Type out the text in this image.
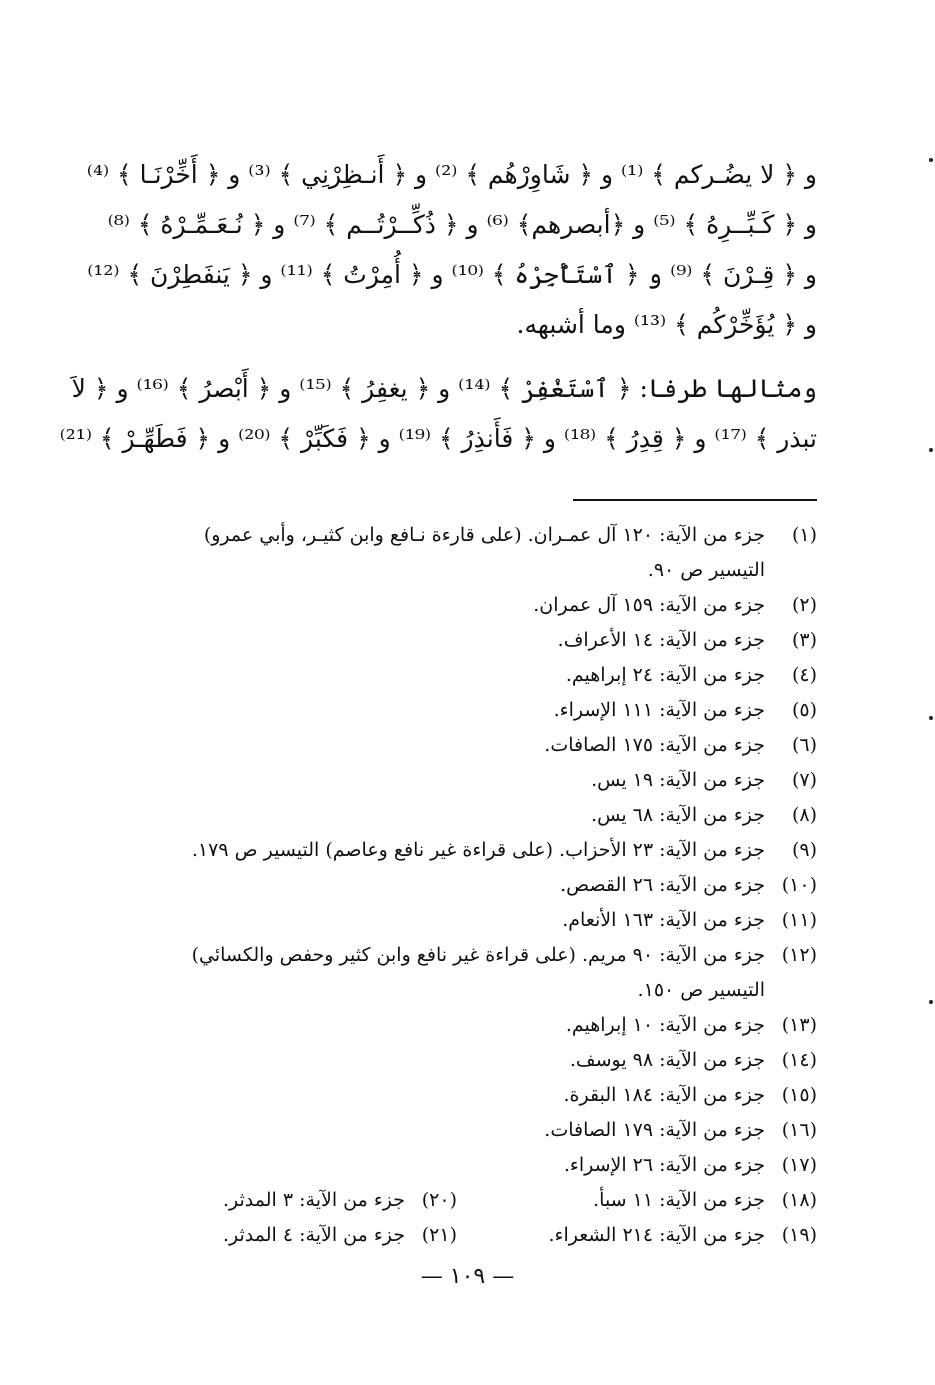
و ﴿ لا يضُـركم ﴾ ⁽¹⁾ و ﴿ شَاوِرْهُم ﴾ ⁽²⁾ و ﴿ أَنـظِرْنِي ﴾ ⁽³⁾ و ﴿ أَخِّرْنَـا ﴾ ⁽⁴⁾
و ﴿ كَـبِّــرِهُ ﴾ ⁽⁵⁾ و ﴿أبصرهم﴾ ⁽⁶⁾ و ﴿ ذُكِّــرْتُــم ﴾ ⁽⁷⁾ و ﴿ نُـعَـمِّـرْهُ ﴾ ⁽⁸⁾
و ﴿ قِـرْنَ ﴾ ⁽⁹⁾ و ﴿ ٱسْتَأْجِرْهُ ﴾ ⁽¹⁰⁾ و ﴿ أُمِرْتُ ﴾ ⁽¹¹⁾ و ﴿ يَنفَطِرْنَ ﴾ ⁽¹²⁾
و ﴿ يُؤَخِّرْكُم ﴾ ⁽¹³⁾ وما أشبهه.
ومثالها طرفا: ﴿ ٱسْتَغْفِرْ ﴾ ⁽¹⁴⁾ و ﴿ يغفِرُ ﴾ ⁽¹⁵⁾ و ﴿ أَبْصرُ ﴾ ⁽¹⁶⁾ و ﴿ لاَ
تبذر ﴾ ⁽¹⁷⁾ و ﴿ قِدِرُ ﴾ ⁽¹⁸⁾ و ﴿ فَأَنذِرُ ﴾ ⁽¹⁹⁾ و ﴿ فَكَبِّرْ ﴾ ⁽²⁰⁾ و ﴿ فَطَهِّـرْ ﴾ ⁽²¹⁾
(١)
جزء من الآية: ١٢٠ آل عمـران. (على قارءة نـافع وابن كثيـر، وأبي عمرو)
التيسير ص ٩٠.
(٢)
جزء من الآية: ١٥٩ آل عمران.
(٣)
جزء من الآية: ١٤ الأعراف.
(٤)
جزء من الآية: ٢٤ إبراهيم.
(٥)
جزء من الآية: ١١١ الإسراء.
(٦)
جزء من الآية: ١٧٥ الصافات.
(٧)
جزء من الآية: ١٩ يس.
(٨)
جزء من الآية: ٦٨ يس.
(٩)
جزء من الآية: ٢٣ الأحزاب. (على قراءة غير نافع وعاصم) التيسير ص ١٧٩.
(١٠)
جزء من الآية: ٢٦ القصص.
(١١)
جزء من الآية: ١٦٣ الأنعام.
(١٢)
جزء من الآية: ٩٠ مريم. (على قراءة غير نافع وابن كثير وحفص والكسائي)
التيسير ص ١٥٠.
(١٣)
جزء من الآية: ١٠ إبراهيم.
(١٤)
جزء من الآية: ٩٨ يوسف.
(١٥)
جزء من الآية: ١٨٤ البقرة.
(١٦)
جزء من الآية: ١٧٩ الصافات.
(١٧)
جزء من الآية: ٢٦ الإسراء.
(١٨)
جزء من الآية: ١١ سبأ.
(٢٠)
جزء من الآية: ٣ المدثر.
(١٩)
جزء من الآية: ٢١٤ الشعراء.
(٢١)
جزء من الآية: ٤ المدثر.
— ١٠٩ —
